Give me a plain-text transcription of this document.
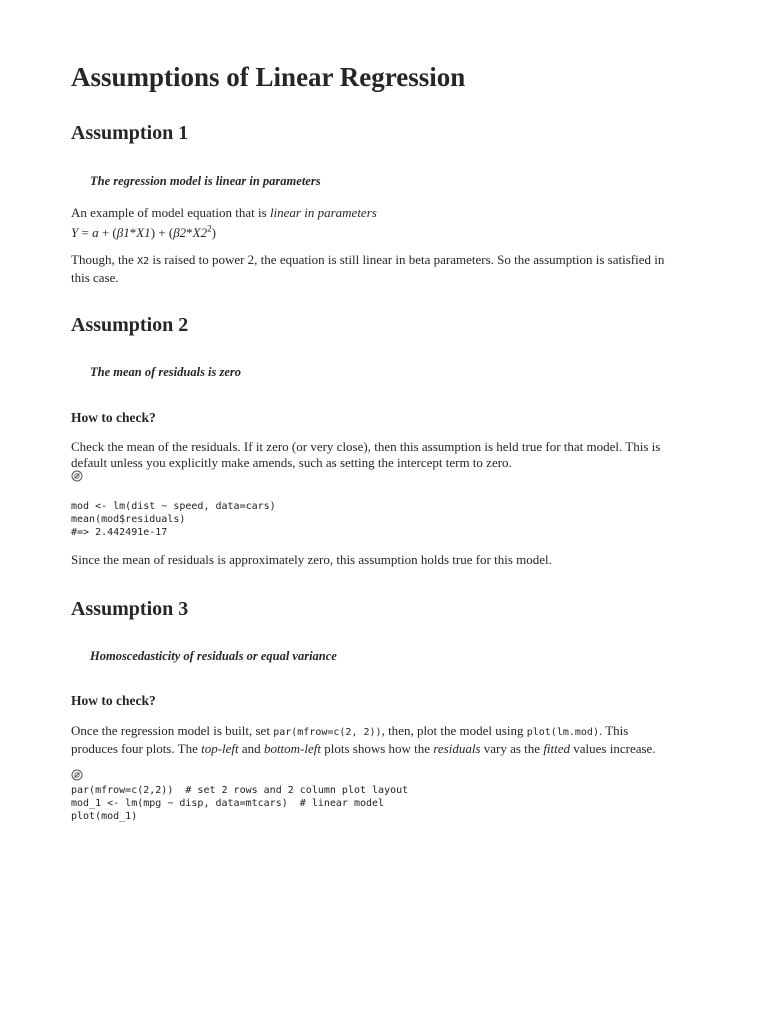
Assumptions of Linear Regression
Assumption 1
The regression model is linear in parameters
An example of model equation that is linear in parameters
$Y = a + (\beta 1*X1) + (\beta 2*X2^2)$
Though, the X2 is raised to power 2, the equation is still linear in beta parameters. So the assumption is satisfied in this case.
Assumption 2
The mean of residuals is zero
How to check?
Check the mean of the residuals. If it zero (or very close), then this assumption is held true for that model. This is default unless you explicitly make amends, such as setting the intercept term to zero.
mod <- lm(dist ~ speed, data=cars)
mean(mod$residuals)
#=> 2.442491e-17
Since the mean of residuals is approximately zero, this assumption holds true for this model.
Assumption 3
Homoscedasticity of residuals or equal variance
How to check?
Once the regression model is built, set par(mfrow=c(2, 2)), then, plot the model using plot(lm.mod). This produces four plots. The top-left and bottom-left plots shows how the residuals vary as the fitted values increase.
par(mfrow=c(2,2))  # set 2 rows and 2 column plot layout
mod_1 <- lm(mpg ~ disp, data=mtcars)  # linear model
plot(mod_1)
